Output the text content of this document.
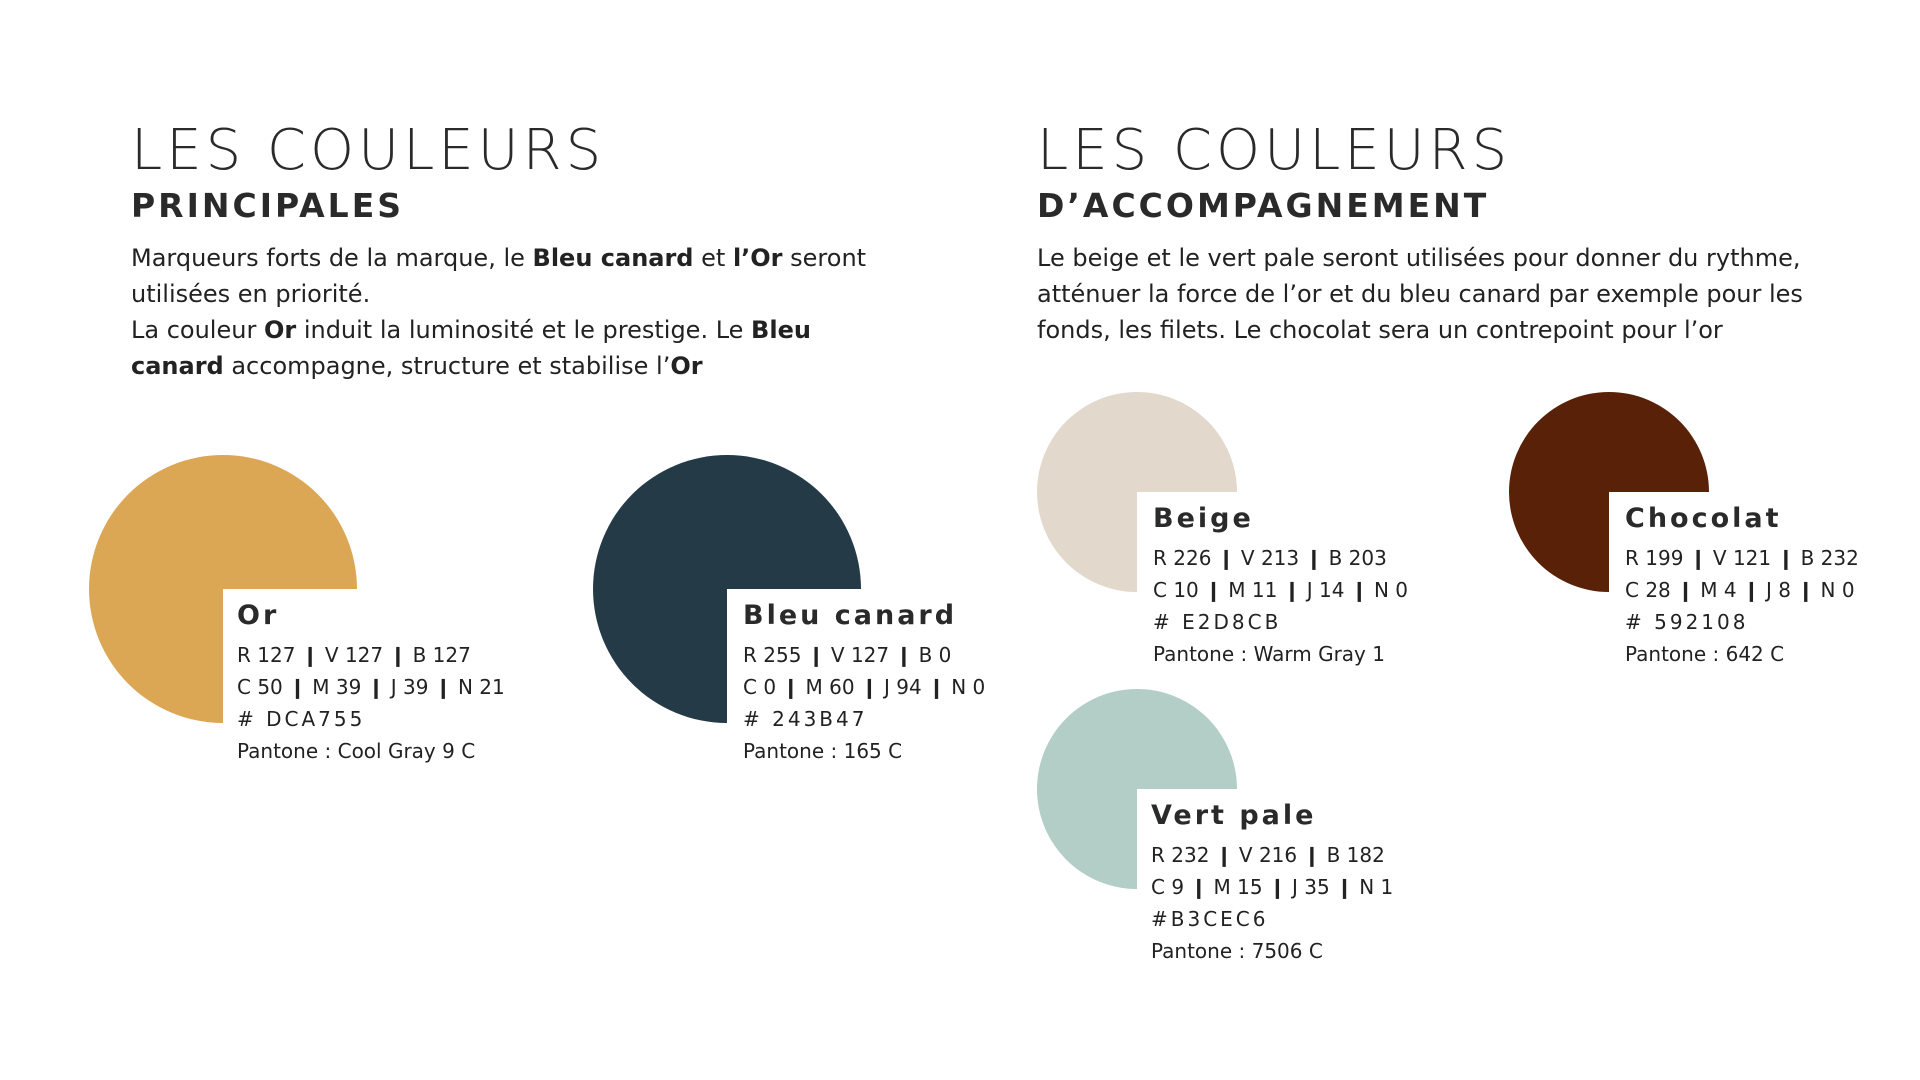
LES COULEURS
PRINCIPALES

Marqueurs forts de la marque, le Bleu canard et l’Or seront
utilisées en priorité.
La couleur Or induit la luminosité et le prestige. Le Bleu
canard accompagne, structure et stabilise l’Or

Or

R 127 ❙ V 127 ❙ B 127

C 50 ❙ M 39 ❙ J 39 ❙ N 21

# DCA755

Pantone : Cool Gray 9 C

Bleu canard

R 255 ❙ V 127 ❙ B 0

C 0 ❙ M 60 ❙ J 94 ❙ N 0

# 243B47

Pantone : 165 C

LES COULEURS
D’ACCOMPAGNEMENT

Le beige et le vert pale seront utilisées pour donner du rythme,
atténuer la force de l’or et du bleu canard par exemple pour les
fonds, les filets. Le chocolat sera un contrepoint pour l’or

Beige

R 226 ❙ V 213 ❙ B 203

C 10 ❙ M 11 ❙ J 14 ❙ N 0

# E2D8CB

Pantone : Warm Gray 1

Chocolat

R 199 ❙ V 121 ❙ B 232

C 28 ❙ M 4 ❙ J 8 ❙ N 0

# 592108

Pantone : 642 C

Vert pale

R 232 ❙ V 216 ❙ B 182

C 9 ❙ M 15 ❙ J 35 ❙ N 1

#B3CEC6

Pantone : 7506 C
